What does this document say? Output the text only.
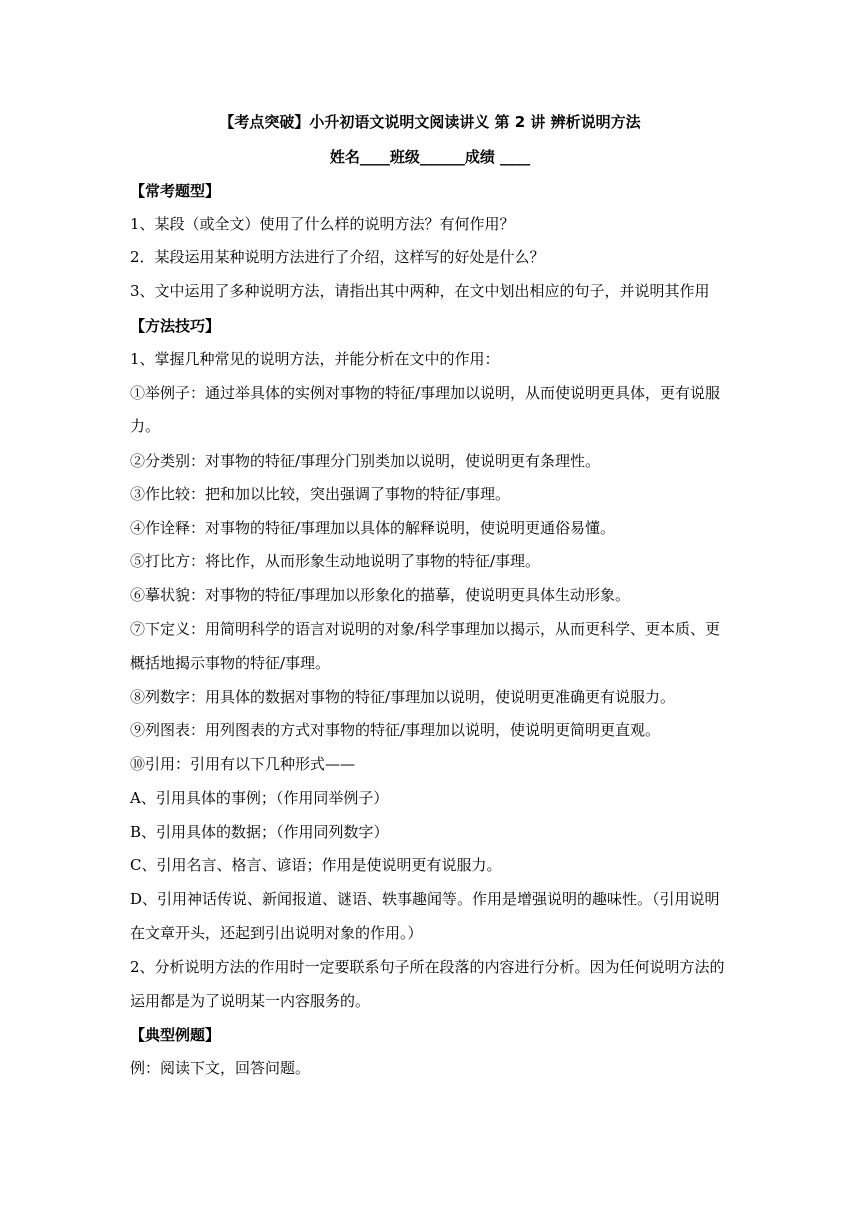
【考点突破】小升初语文说明文阅读讲义 第 2 讲 辨析说明方法
姓名____班级______成绩 ____
【常考题型】
1、某段（或全文）使用了什么样的说明方法？有何作用？
2．某段运用某种说明方法进行了介绍，这样写的好处是什么？
3、文中运用了多种说明方法，请指出其中两种，在文中划出相应的句子，并说明其作用
【方法技巧】
1、掌握几种常见的说明方法，并能分析在文中的作用：
①举例子：通过举具体的实例对事物的特征/事理加以说明，从而使说明更具体，更有说服
力。
②分类别：对事物的特征/事理分门别类加以说明，使说明更有条理性。
③作比较：把和加以比较，突出强调了事物的特征/事理。
④作诠释：对事物的特征/事理加以具体的解释说明，使说明更通俗易懂。
⑤打比方：将比作，从而形象生动地说明了事物的特征/事理。
⑥摹状貌：对事物的特征/事理加以形象化的描摹，使说明更具体生动形象。
⑦下定义：用简明科学的语言对说明的对象/科学事理加以揭示，从而更科学、更本质、更
概括地揭示事物的特征/事理。
⑧列数字：用具体的数据对事物的特征/事理加以说明，使说明更准确更有说服力。
⑨列图表：用列图表的方式对事物的特征/事理加以说明，使说明更简明更直观。
⑩引用：引用有以下几种形式——
A、引用具体的事例；（作用同举例子）
B、引用具体的数据；（作用同列数字）
C、引用名言、格言、谚语；作用是使说明更有说服力。
D、引用神话传说、新闻报道、谜语、轶事趣闻等。作用是增强说明的趣味性。（引用说明
在文章开头，还起到引出说明对象的作用。）
2、分析说明方法的作用时一定要联系句子所在段落的内容进行分析。因为任何说明方法的
运用都是为了说明某一内容服务的。
【典型例题】
例：阅读下文，回答问题。
